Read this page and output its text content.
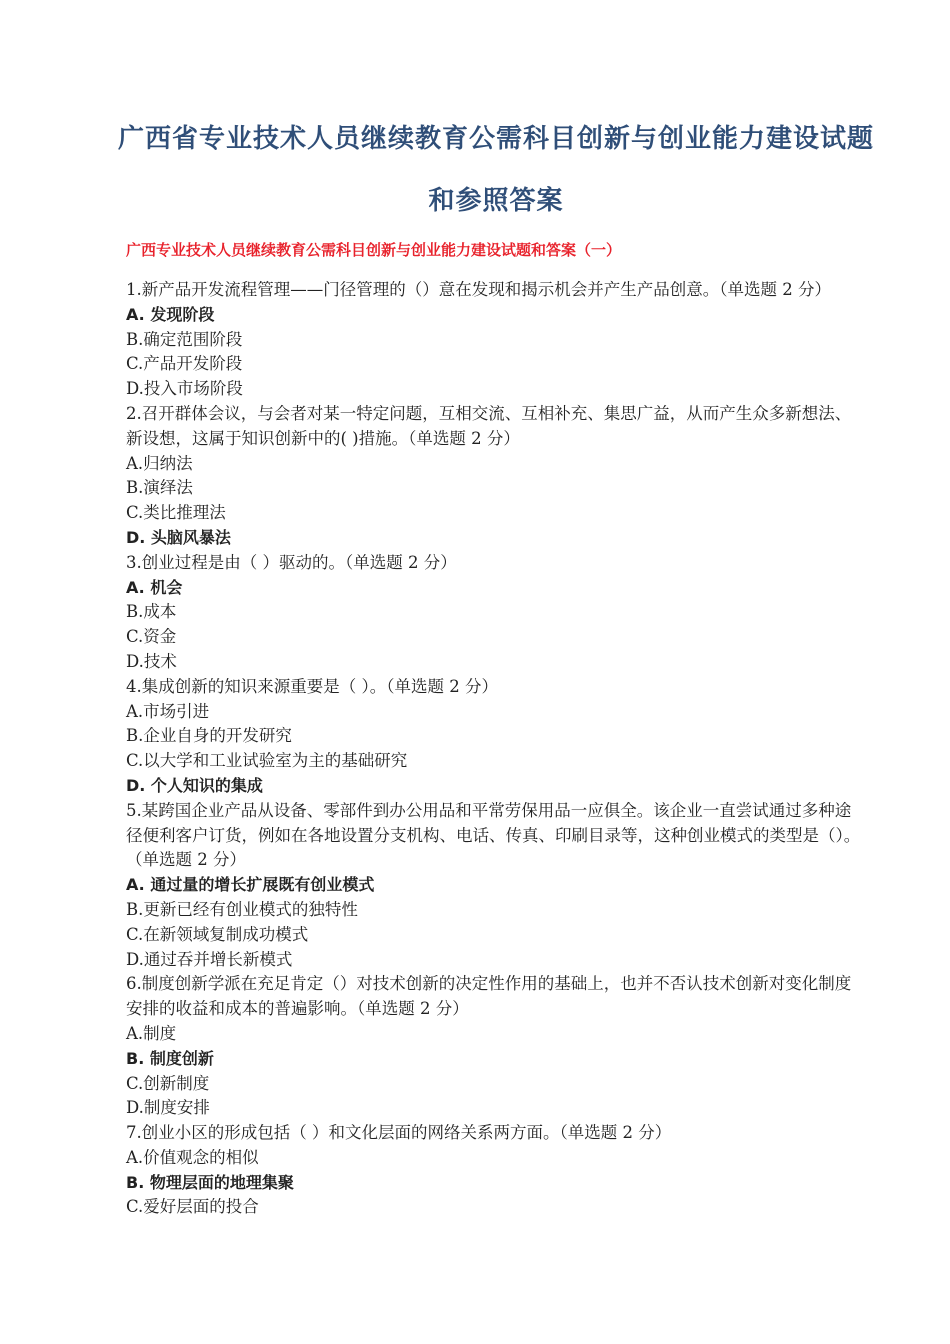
广西省专业技术人员继续教育公需科目创新与创业能力建设试题和参照答案
广西专业技术人员继续教育公需科目创新与创业能力建设试题和答案（一）
1.新产品开发流程管理——门径管理的（）意在发现和揭示机会并产生产品创意。（单选题 2 分）
A. 发现阶段
B.确定范围阶段
C.产品开发阶段
D.投入市场阶段
2.召开群体会议，与会者对某一特定问题，互相交流、互相补充、集思广益，从而产生众多新想法、新设想，这属于知识创新中的( )措施。（单选题 2 分）
A.归纳法
B.演绎法
C.类比推理法
D. 头脑风暴法
3.创业过程是由（ ）驱动的。（单选题 2 分）
A. 机会
B.成本
C.资金
D.技术
4.集成创新的知识来源重要是（ ）。（单选题 2 分）
A.市场引进
B.企业自身的开发研究
C.以大学和工业试验室为主的基础研究
D. 个人知识的集成
5.某跨国企业产品从设备、零部件到办公用品和平常劳保用品一应俱全。该企业一直尝试通过多种途径便利客户订货，例如在各地设置分支机构、电话、传真、印刷目录等，这种创业模式的类型是（）。（单选题 2 分）
A. 通过量的增长扩展既有创业模式
B.更新已经有创业模式的独特性
C.在新领域复制成功模式
D.通过吞并增长新模式
6.制度创新学派在充足肯定（）对技术创新的决定性作用的基础上，也并不否认技术创新对变化制度安排的收益和成本的普遍影响。（单选题 2 分）
A.制度
B. 制度创新
C.创新制度
D.制度安排
7.创业小区的形成包括（ ）和文化层面的网络关系两方面。（单选题 2 分）
A.价值观念的相似
B. 物理层面的地理集聚
C.爱好层面的投合
